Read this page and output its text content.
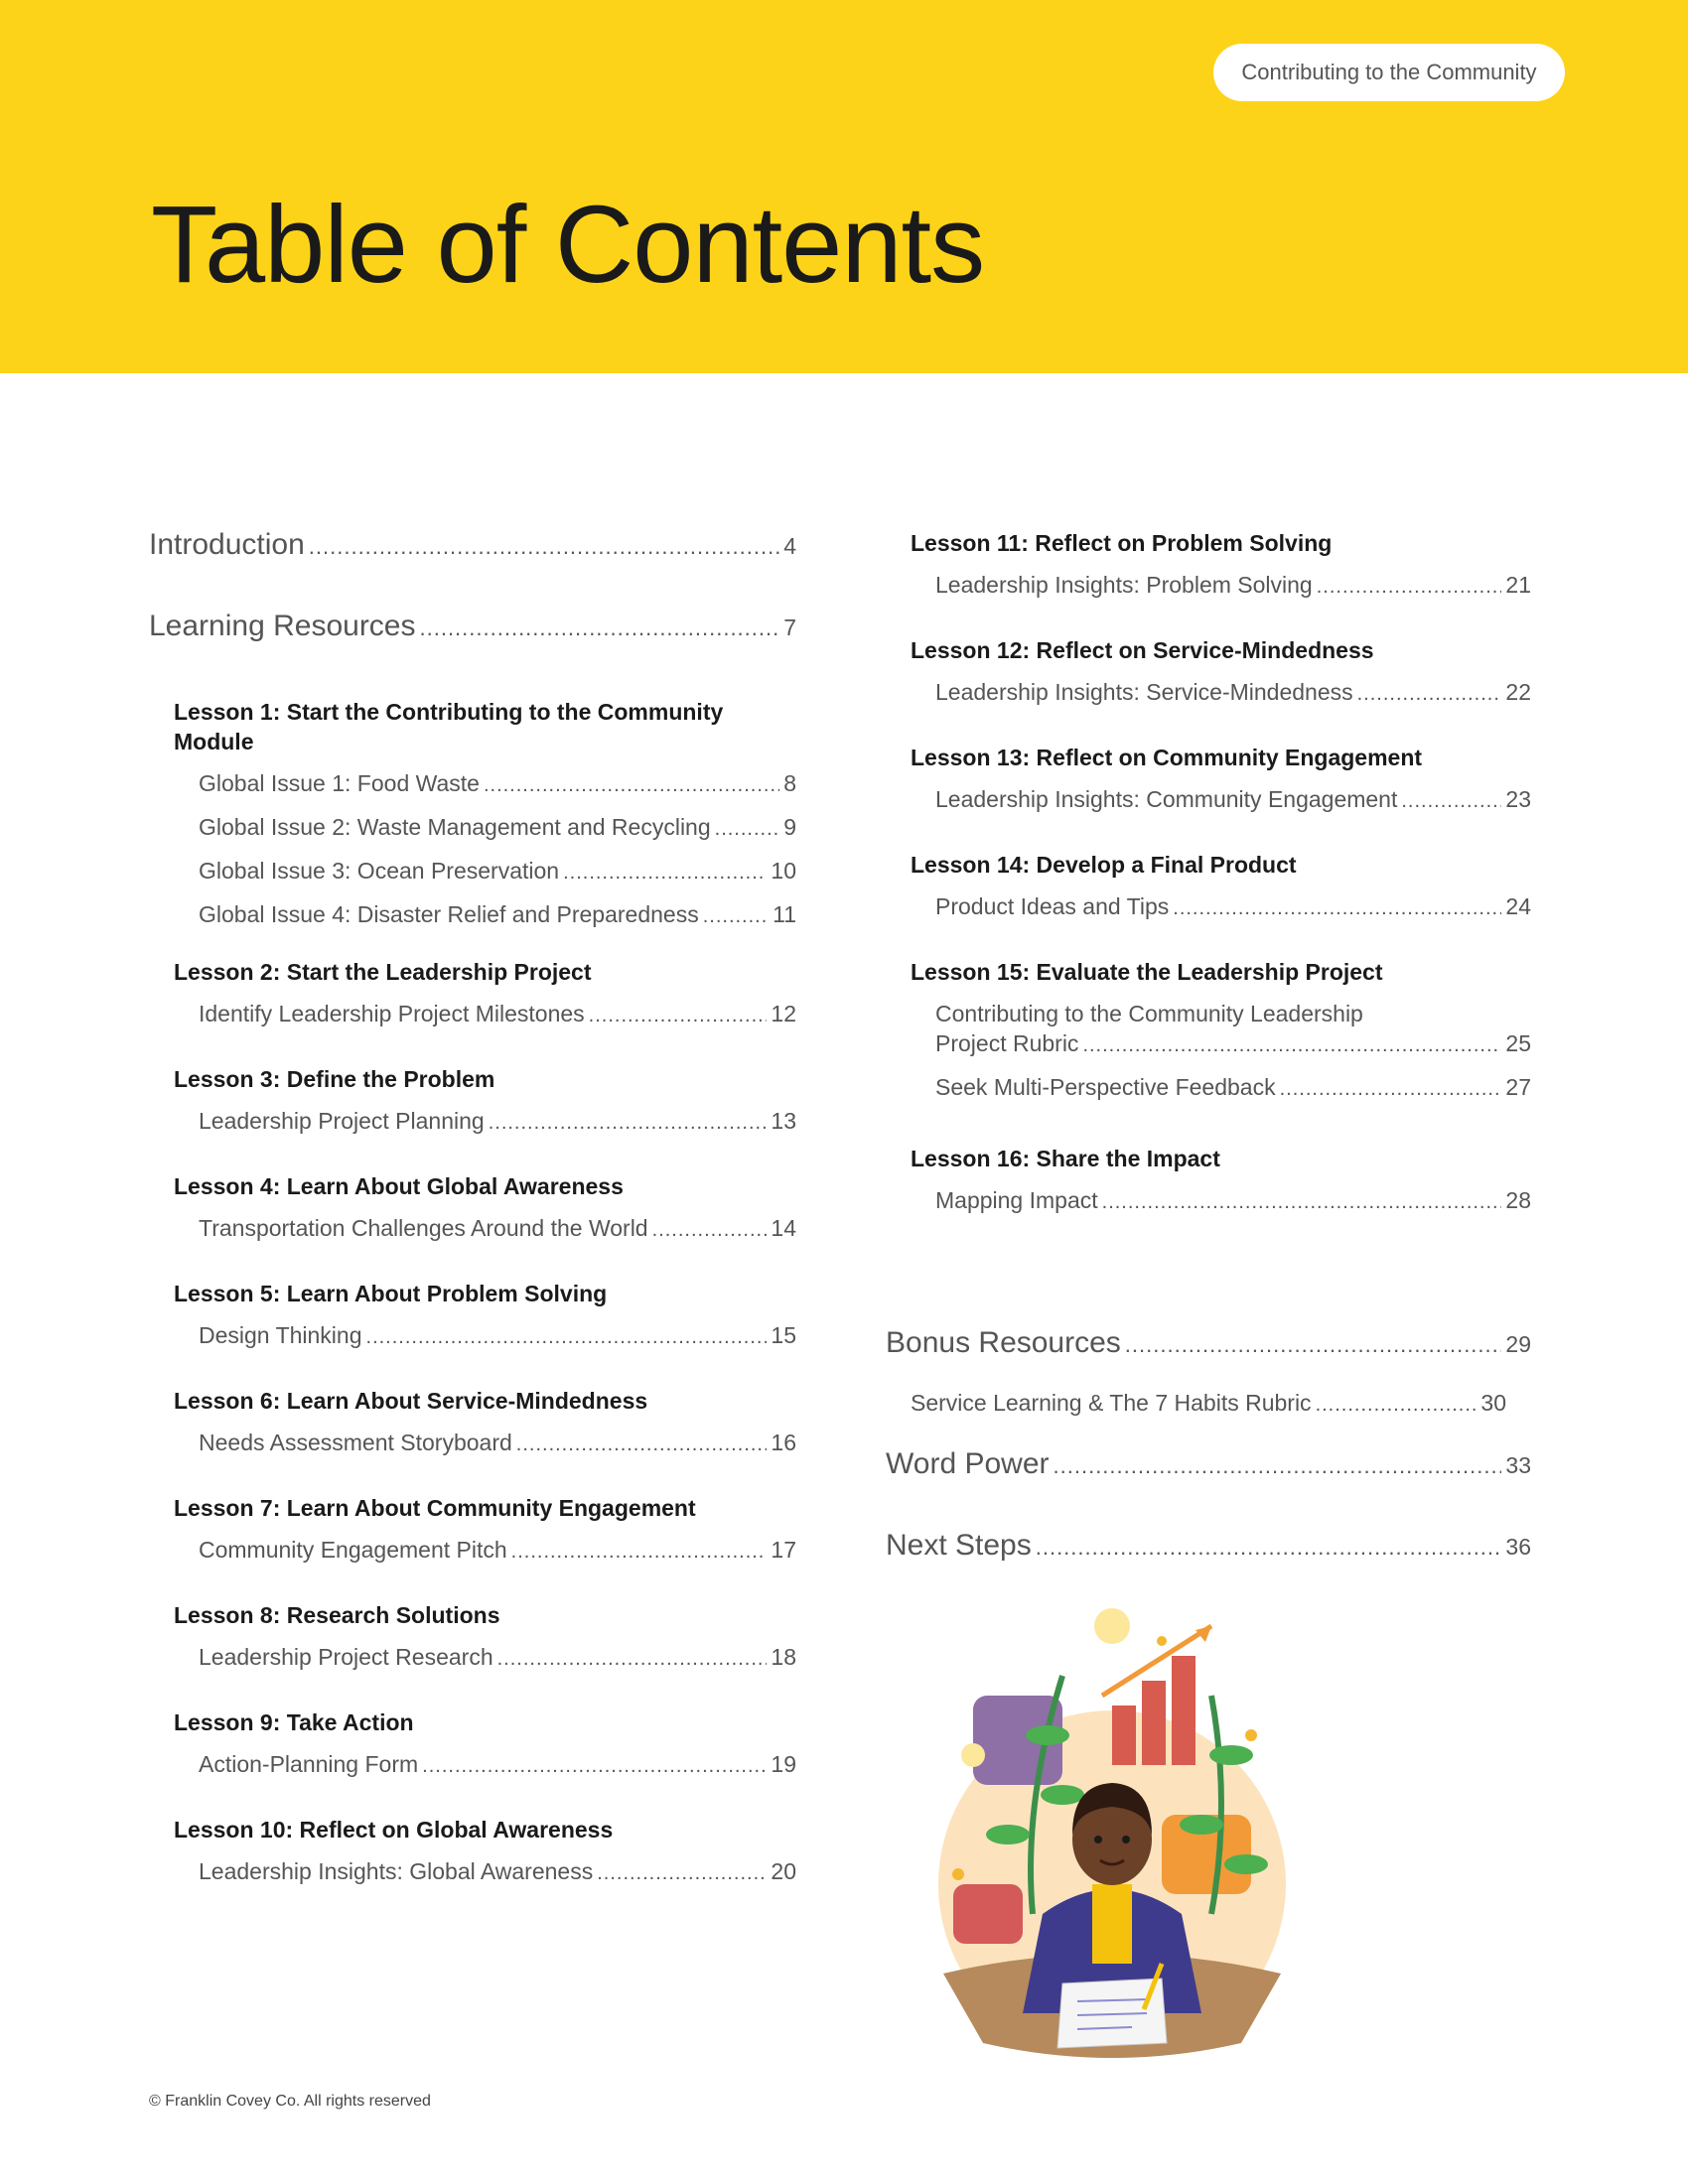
Contributing to the Community
Table of Contents
Introduction .....	4
Learning Resources .....	7
Lesson 1: Start the Contributing to the Community
Module
Global Issue 1: Food Waste .....	8
Global Issue 2: Waste Management and Recycling .....	9
Global Issue 3: Ocean Preservation .....	10
Global Issue 4: Disaster Relief and Preparedness .....	11
Lesson 2: Start the Leadership Project
Identify Leadership Project Milestones .....	12
Lesson 3: Define the Problem
Leadership Project Planning .....	13
Lesson 4: Learn About Global Awareness
Transportation Challenges Around the World .....	14
Lesson 5: Learn About Problem Solving
Design Thinking .....	15
Lesson 6: Learn About Service-Mindedness
Needs Assessment Storyboard .....	16
Lesson 7: Learn About Community Engagement
Community Engagement Pitch .....	17
Lesson 8: Research Solutions
Leadership Project Research .....	18
Lesson 9: Take Action
Action-Planning Form .....	19
Lesson 10: Reflect on Global Awareness
Leadership Insights: Global Awareness .....	20
Lesson 11: Reflect on Problem Solving
Leadership Insights: Problem Solving .....	21
Lesson 12: Reflect on Service-Mindedness
Leadership Insights: Service-Mindedness .....	22
Lesson 13: Reflect on Community Engagement
Leadership Insights: Community Engagement .....	23
Lesson 14: Develop a Final Product
Product Ideas and Tips .....	24
Lesson 15: Evaluate the Leadership Project
Contributing to the Community Leadership
Project Rubric .....	25
Seek Multi-Perspective Feedback .....	27
Lesson 16: Share the Impact
Mapping Impact .....	28
Bonus Resources .....	29
Service Learning & The 7 Habits Rubric .....	30
Word Power .....	33
Next Steps .....	36
© Franklin Covey Co. All rights reserved
